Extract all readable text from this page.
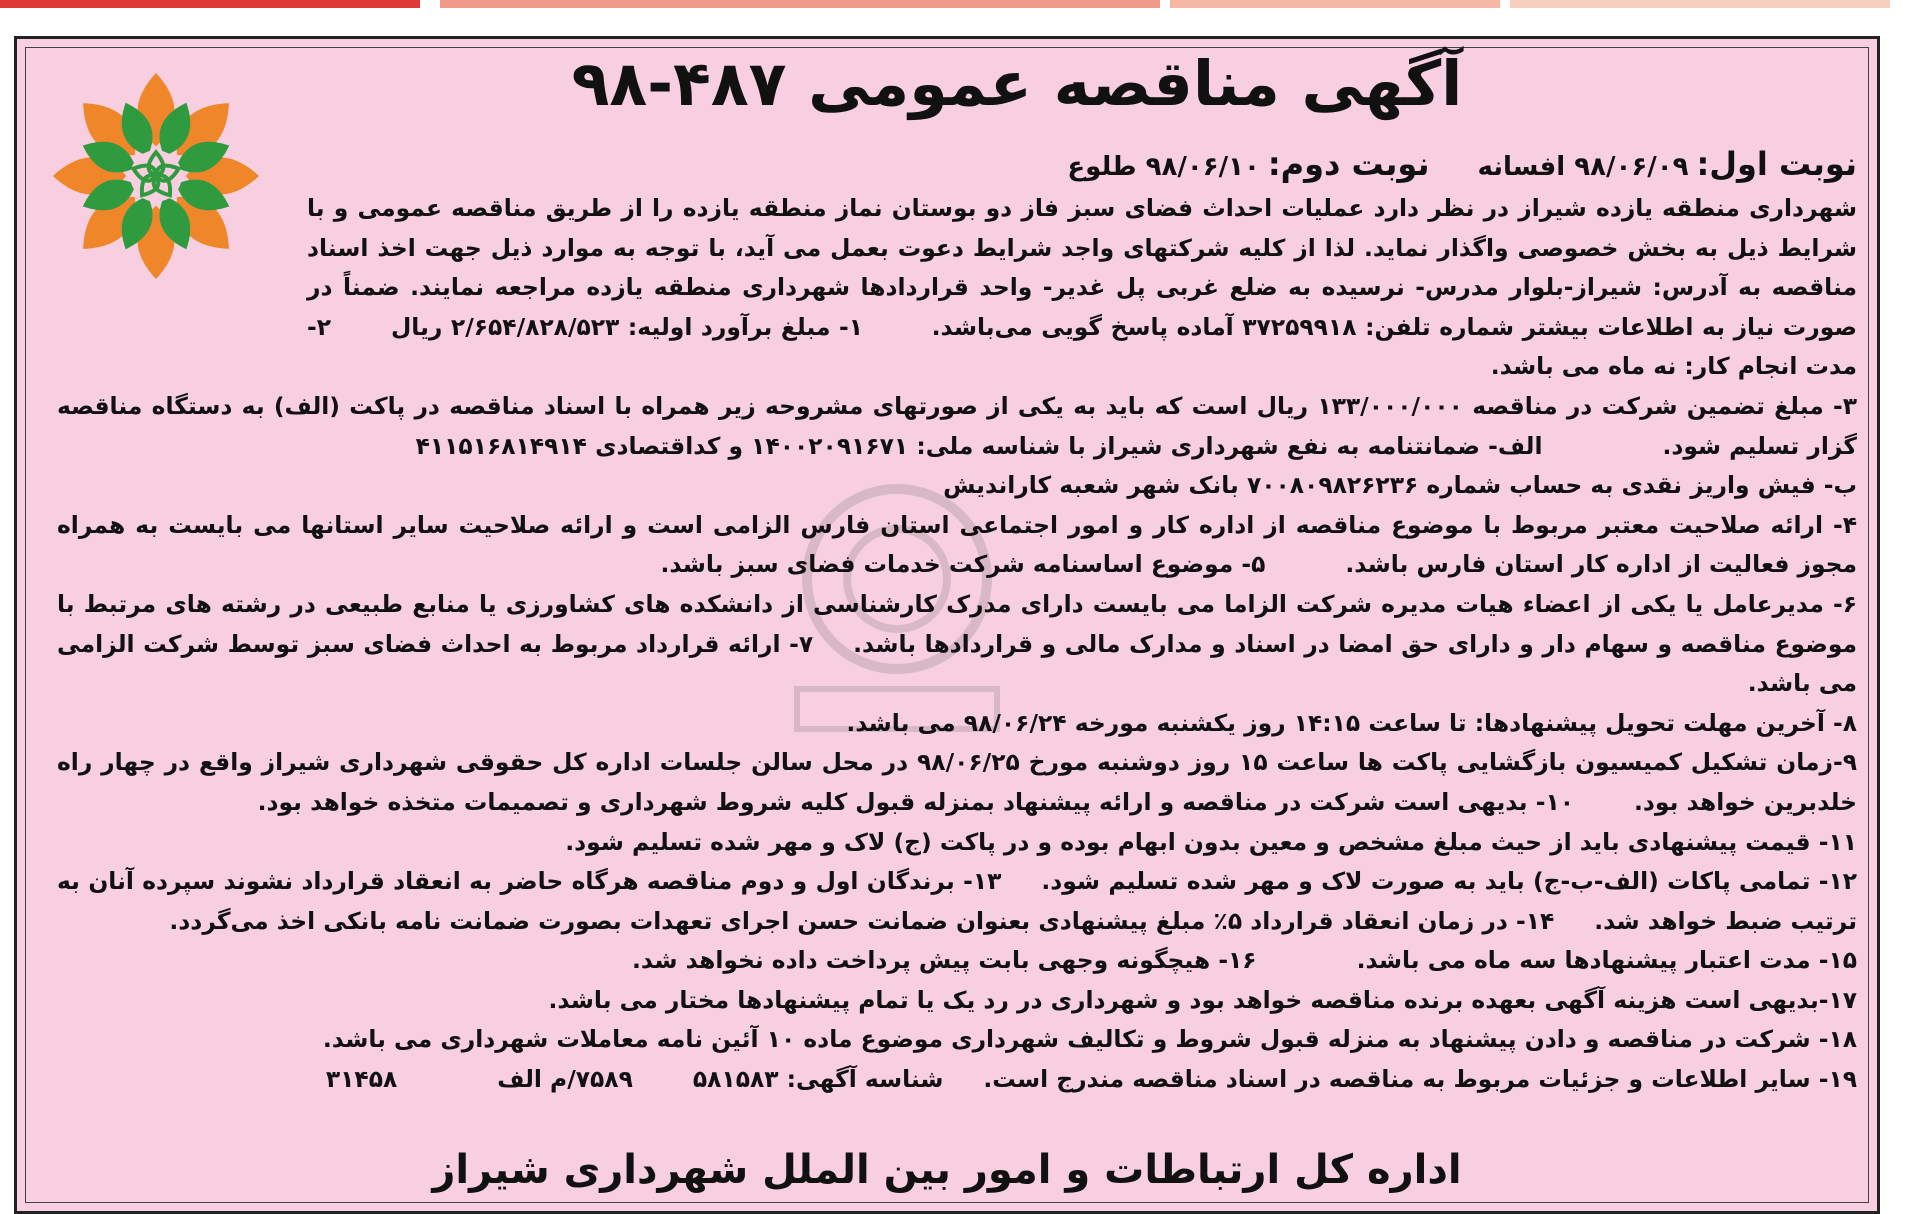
آگهی مناقصه عمومی ۴۸۷-۹۸
نوبت اول:۹۸/۰۶/۰۹ افسانهنوبت دوم:۹۸/۰۶/۱۰ طلوع

شهرداری منطقه یازده شیراز در نظر دارد عملیات احداث فضای سبز فاز دو بوستان نماز منطقه یازده را از طریق مناقصه عمومی و با شرایط ذیل به بخش خصوصی واگذار نماید. لذا از کلیه شرکتهای واجد شرایط دعوت بعمل می آید، با توجه به موارد ذیل جهت اخذ اسناد مناقصه به آدرس: شیراز-بلوار مدرس- نرسیده به ضلع غربی پل غدیر- واحد قراردادها شهرداری منطقه یازده مراجعه نمایند. ضمناً در صورت نیاز به اطلاعات بیشتر شماره تلفن: ۳۷۲۵۹۹۱۸ آماده پاسخ گویی می‌باشد. ۱- مبلغ برآورد اولیه: ۲/۶۵۴/۸۲۸/۵۲۳ ریال۲- مدت انجام کار: نه ماه می باشد.

۳- مبلغ تضمین شرکت در مناقصه ۱۳۳/۰۰۰/۰۰۰ ریال است که باید به یکی از صورتهای مشروحه زیر همراه با اسناد مناقصه در پاکت (الف) به دستگاه مناقصه گزار تسلیم شود.الف- ضمانتنامه به نفع شهرداری شیراز با شناسه ملی: ۱۴۰۰۲۰۹۱۶۷۱ و کداقتصادی ۴۱۱۵۱۶۸۱۴۹۱۴

ب- فیش واریز نقدی به حساب شماره ۷۰۰۸۰۹۸۲۶۲۳۶ بانک شهر شعبه کاراندیش

۴- ارائه صلاحیت معتبر مربوط با موضوع مناقصه از اداره کار و امور اجتماعی استان فارس الزامی است و ارائه صلاحیت سایر استانها می بایست به همراه مجوز فعالیت از اداره کار استان فارس باشد.۵- موضوع اساسنامه شرکت خدمات فضای سبز باشد.

۶- مدیرعامل یا یکی از اعضاء هیات مدیره شرکت الزاما می بایست دارای مدرک کارشناسی از دانشکده های کشاورزی یا منابع طبیعی در رشته های مرتبط با موضوع مناقصه و سهام دار و دارای حق امضا در اسناد و مدارک مالی و قراردادها باشد.۷- ارائه قرارداد مربوط به احداث فضای سبز توسط شرکت الزامی می باشد.

۸- آخرین مهلت تحویل پیشنهادها: تا ساعت ۱۴:۱۵ روز یکشنبه مورخه ۹۸/۰۶/۲۴ می باشد.

۹-زمان تشکیل کمیسیون بازگشایی پاکت ها ساعت ۱۵ روز دوشنبه مورخ ۹۸/۰۶/۲۵ در محل سالن جلسات اداره کل حقوقی شهرداری شیراز واقع در چهار راه خلدبرین خواهد بود.۱۰- بدیهی است شرکت در مناقصه و ارائه پیشنهاد بمنزله قبول کلیه شروط شهرداری و تصمیمات متخذه خواهد بود.

۱۱- قیمت پیشنهادی باید از حیث مبلغ مشخص و معین بدون ابهام بوده و در پاکت (ج) لاک و مهر شده تسلیم شود.

۱۲- تمامی پاکات (الف-ب-ج) باید به صورت لاک و مهر شده تسلیم شود.۱۳- برندگان اول و دوم مناقصه هرگاه حاضر به انعقاد قرارداد نشوند سپرده آنان به ترتیب ضبط خواهد شد.۱۴- در زمان انعقاد قرارداد ۵٪ مبلغ پیشنهادی بعنوان ضمانت حسن اجرای تعهدات بصورت ضمانت نامه بانکی اخذ می‌گردد.

۱۵- مدت اعتبار پیشنهادها سه ماه می باشد.۱۶- هیچگونه وجهی بابت پیش پرداخت داده نخواهد شد.

۱۷-بدیهی است هزینه آگهی بعهده برنده مناقصه خواهد بود و شهرداری در رد یک یا تمام پیشنهادها مختار می باشد.

۱۸- شرکت در مناقصه و دادن پیشنهاد به منزله قبول شروط و تکالیف شهرداری موضوع ماده ۱۰ آئین نامه معاملات شهرداری می باشد.

۱۹- سایر اطلاعات و جزئیات مربوط به مناقصه در اسناد مناقصه مندرج است.شناسه آگهی: ۵۸۱۵۸۳۷۵۸۹/م الف۳۱۴۵۸

اداره کل ارتباطات و امور بین الملل شهرداری شیراز
